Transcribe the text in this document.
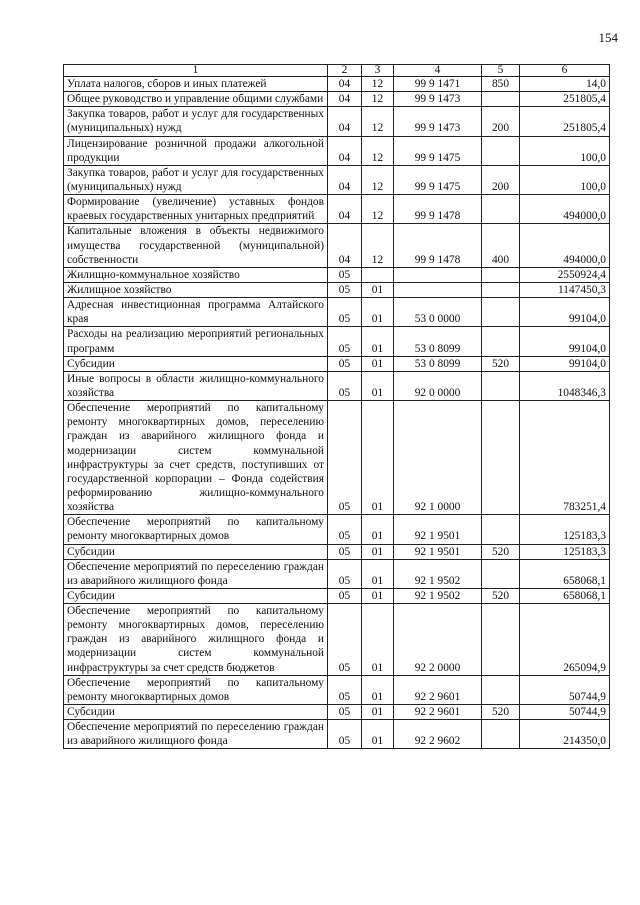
154
1	2	3	4	5	6
Уплата налогов, сборов и иных платежей	04	12	99 9 1471	850	14,0
Общее руководство и управление общими службами	04	12	99 9 1473		251805,4
Закупка товаров, работ и услуг для государственных (муниципальных) нужд	04	12	99 9 1473	200	251805,4
Лицензирование розничной продажи алкогольной продукции	04	12	99 9 1475		100,0
Закупка товаров, работ и услуг для государственных (муниципальных) нужд	04	12	99 9 1475	200	100,0
Формирование (увеличение) уставных фондов краевых государственных унитарных предприятий	04	12	99 9 1478		494000,0
Капитальные вложения в объекты недвижимого имущества государственной (муниципальной) собственности	04	12	99 9 1478	400	494000,0
Жилищно-коммунальное хозяйство	05				2550924,4
Жилищное хозяйство	05	01			1147450,3
Адресная инвестиционная программа Алтайского края	05	01	53 0 0000		99104,0
Расходы на реализацию мероприятий региональных программ	05	01	53 0 8099		99104,0
Субсидии	05	01	53 0 8099	520	99104,0
Иные вопросы в области жилищно-коммунального хозяйства	05	01	92 0 0000		1048346,3
Обеспечение мероприятий по капитальному ремонту многоквартирных домов, переселению граждан из аварийного жилищного фонда и модернизации систем коммунальной инфраструктуры за счет средств, поступивших от государственной корпорации – Фонда содействия реформированию жилищно-коммунального хозяйства	05	01	92 1 0000		783251,4
Обеспечение мероприятий по капитальному ремонту многоквартирных домов	05	01	92 1 9501		125183,3
Субсидии	05	01	92 1 9501	520	125183,3
Обеспечение мероприятий по переселению граждан из аварийного жилищного фонда	05	01	92 1 9502		658068,1
Субсидии	05	01	92 1 9502	520	658068,1
Обеспечение мероприятий по капитальному ремонту многоквартирных домов, переселению граждан из аварийного жилищного фонда и модернизации систем коммунальной инфраструктуры за счет средств бюджетов	05	01	92 2 0000		265094,9
Обеспечение мероприятий по капитальному ремонту многоквартирных домов	05	01	92 2 9601		50744,9
Субсидии	05	01	92 2 9601	520	50744,9
Обеспечение мероприятий по переселению граждан из аварийного жилищного фонда	05	01	92 2 9602		214350,0
